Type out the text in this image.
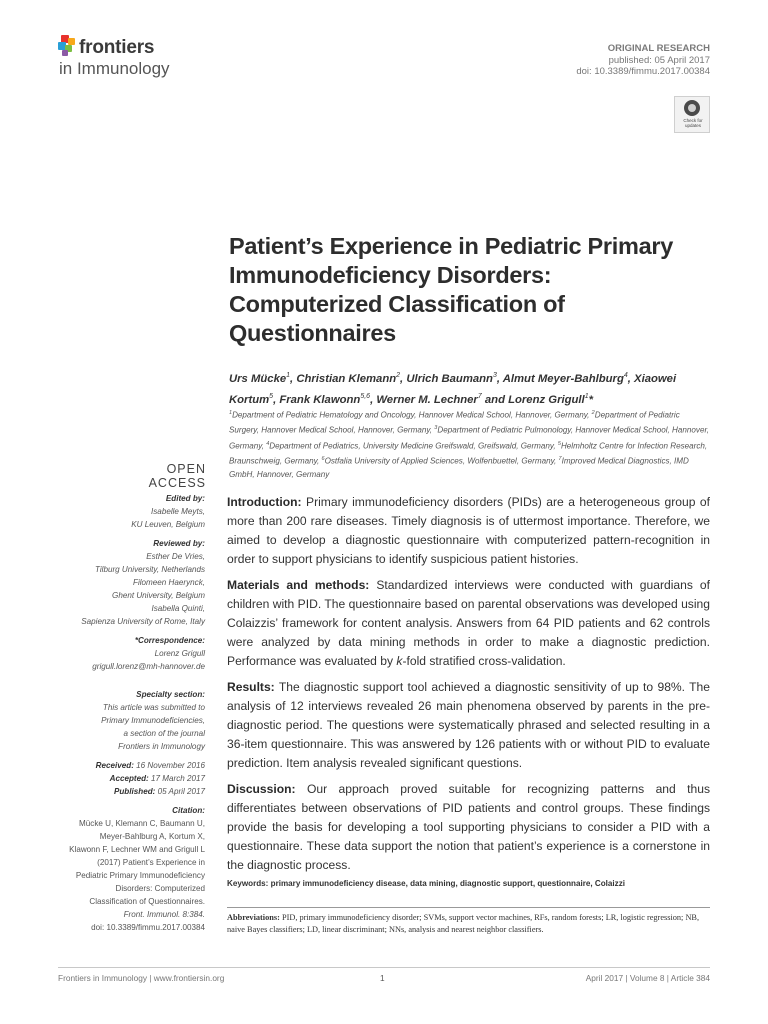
frontiers
in Immunology
ORIGINAL RESEARCH
published: 05 April 2017
doi: 10.3389/fimmu.2017.00384
Check for updates
Patient’s Experience in Pediatric Primary Immunodeficiency Disorders: Computerized Classification of Questionnaires
Urs Mücke$^1$, Christian Klemann$^2$, Ulrich Baumann$^3$, Almut Meyer-Bahlburg$^4$, Xiaowei Kortum$^5$, Frank Klawonn$^{5,6}$, Werner M. Lechner$^7$ and Lorenz Grigull$^1$*
$^1$Department of Pediatric Hematology and Oncology, Hannover Medical School, Hannover, Germany, $^2$Department of Pediatric Surgery, Hannover Medical School, Hannover, Germany, $^3$Department of Pediatric Pulmonology, Hannover Medical School, Hannover, Germany, $^4$Department of Pediatrics, University Medicine Greifswald, Greifswald, Germany, $^5$Helmholtz Centre for Infection Research, Braunschweig, Germany, $^6$Ostfalia University of Applied Sciences, Wolfenbuettel, Germany, $^7$Improved Medical Diagnostics, IMD GmbH, Hannover, Germany
OPEN ACCESS
Edited by:
Isabelle Meyts,
KU Leuven, Belgium
Reviewed by:
Esther De Vries,
Tilburg University, Netherlands
Filomeen Haerynck,
Ghent University, Belgium
Isabella Quinti,
Sapienza University of Rome, Italy
*Correspondence:
Lorenz Grigull
grigull.lorenz@mh-hannover.de
Specialty section:
This article was submitted to
Primary Immunodeficiencies,
a section of the journal
Frontiers in Immunology
Received: 16 November 2016
Accepted: 17 March 2017
Published: 05 April 2017
Citation:
Mücke U, Klemann C, Baumann U,
Meyer-Bahlburg A, Kortum X,
Klawonn F, Lechner WM and Grigull L
(2017) Patient’s Experience in
Pediatric Primary Immunodeficiency
Disorders: Computerized
Classification of Questionnaires.
Front. Immunol. 8:384.
doi: 10.3389/fimmu.2017.00384

Introduction: Primary immunodeficiency disorders (PIDs) are a heterogeneous group of more than 200 rare diseases. Timely diagnosis is of uttermost importance. Therefore, we aimed to develop a diagnostic questionnaire with computerized pattern-recognition in order to support physicians to identify suspicious patient histories.

Materials and methods: Standardized interviews were conducted with guardians of children with PID. The questionnaire based on parental observations was developed using Colaizzis’ framework for content analysis. Answers from 64 PID patients and 62 controls were analyzed by data mining methods in order to make a diagnostic prediction. Performance was evaluated by k-fold stratified cross-validation.

Results: The diagnostic support tool achieved a diagnostic sensitivity of up to 98%. The analysis of 12 interviews revealed 26 main phenomena observed by parents in the pre-diagnostic period. The questions were systematically phrased and selected resulting in a 36-item questionnaire. This was answered by 126 patients with or without PID to evaluate prediction. Item analysis revealed significant questions.

Discussion: Our approach proved suitable for recognizing patterns and thus differentiates between observations of PID patients and control groups. These findings provide the basis for developing a tool supporting physicians to consider a PID with a questionnaire. These data support the notion that patient’s experience is a cornerstone in the diagnostic process.

Keywords: primary immunodeficiency disease, data mining, diagnostic support, questionnaire, Colaizzi
Abbreviations: PID, primary immunodeficiency disorder; SVMs, support vector machines, RFs, random forests; LR, logistic regression; NB, naive Bayes classifiers; LD, linear discriminant; NNs, analysis and nearest neighbor classifiers.
Frontiers in Immunology | www.frontiersin.org	1	April 2017 | Volume 8 | Article 384
